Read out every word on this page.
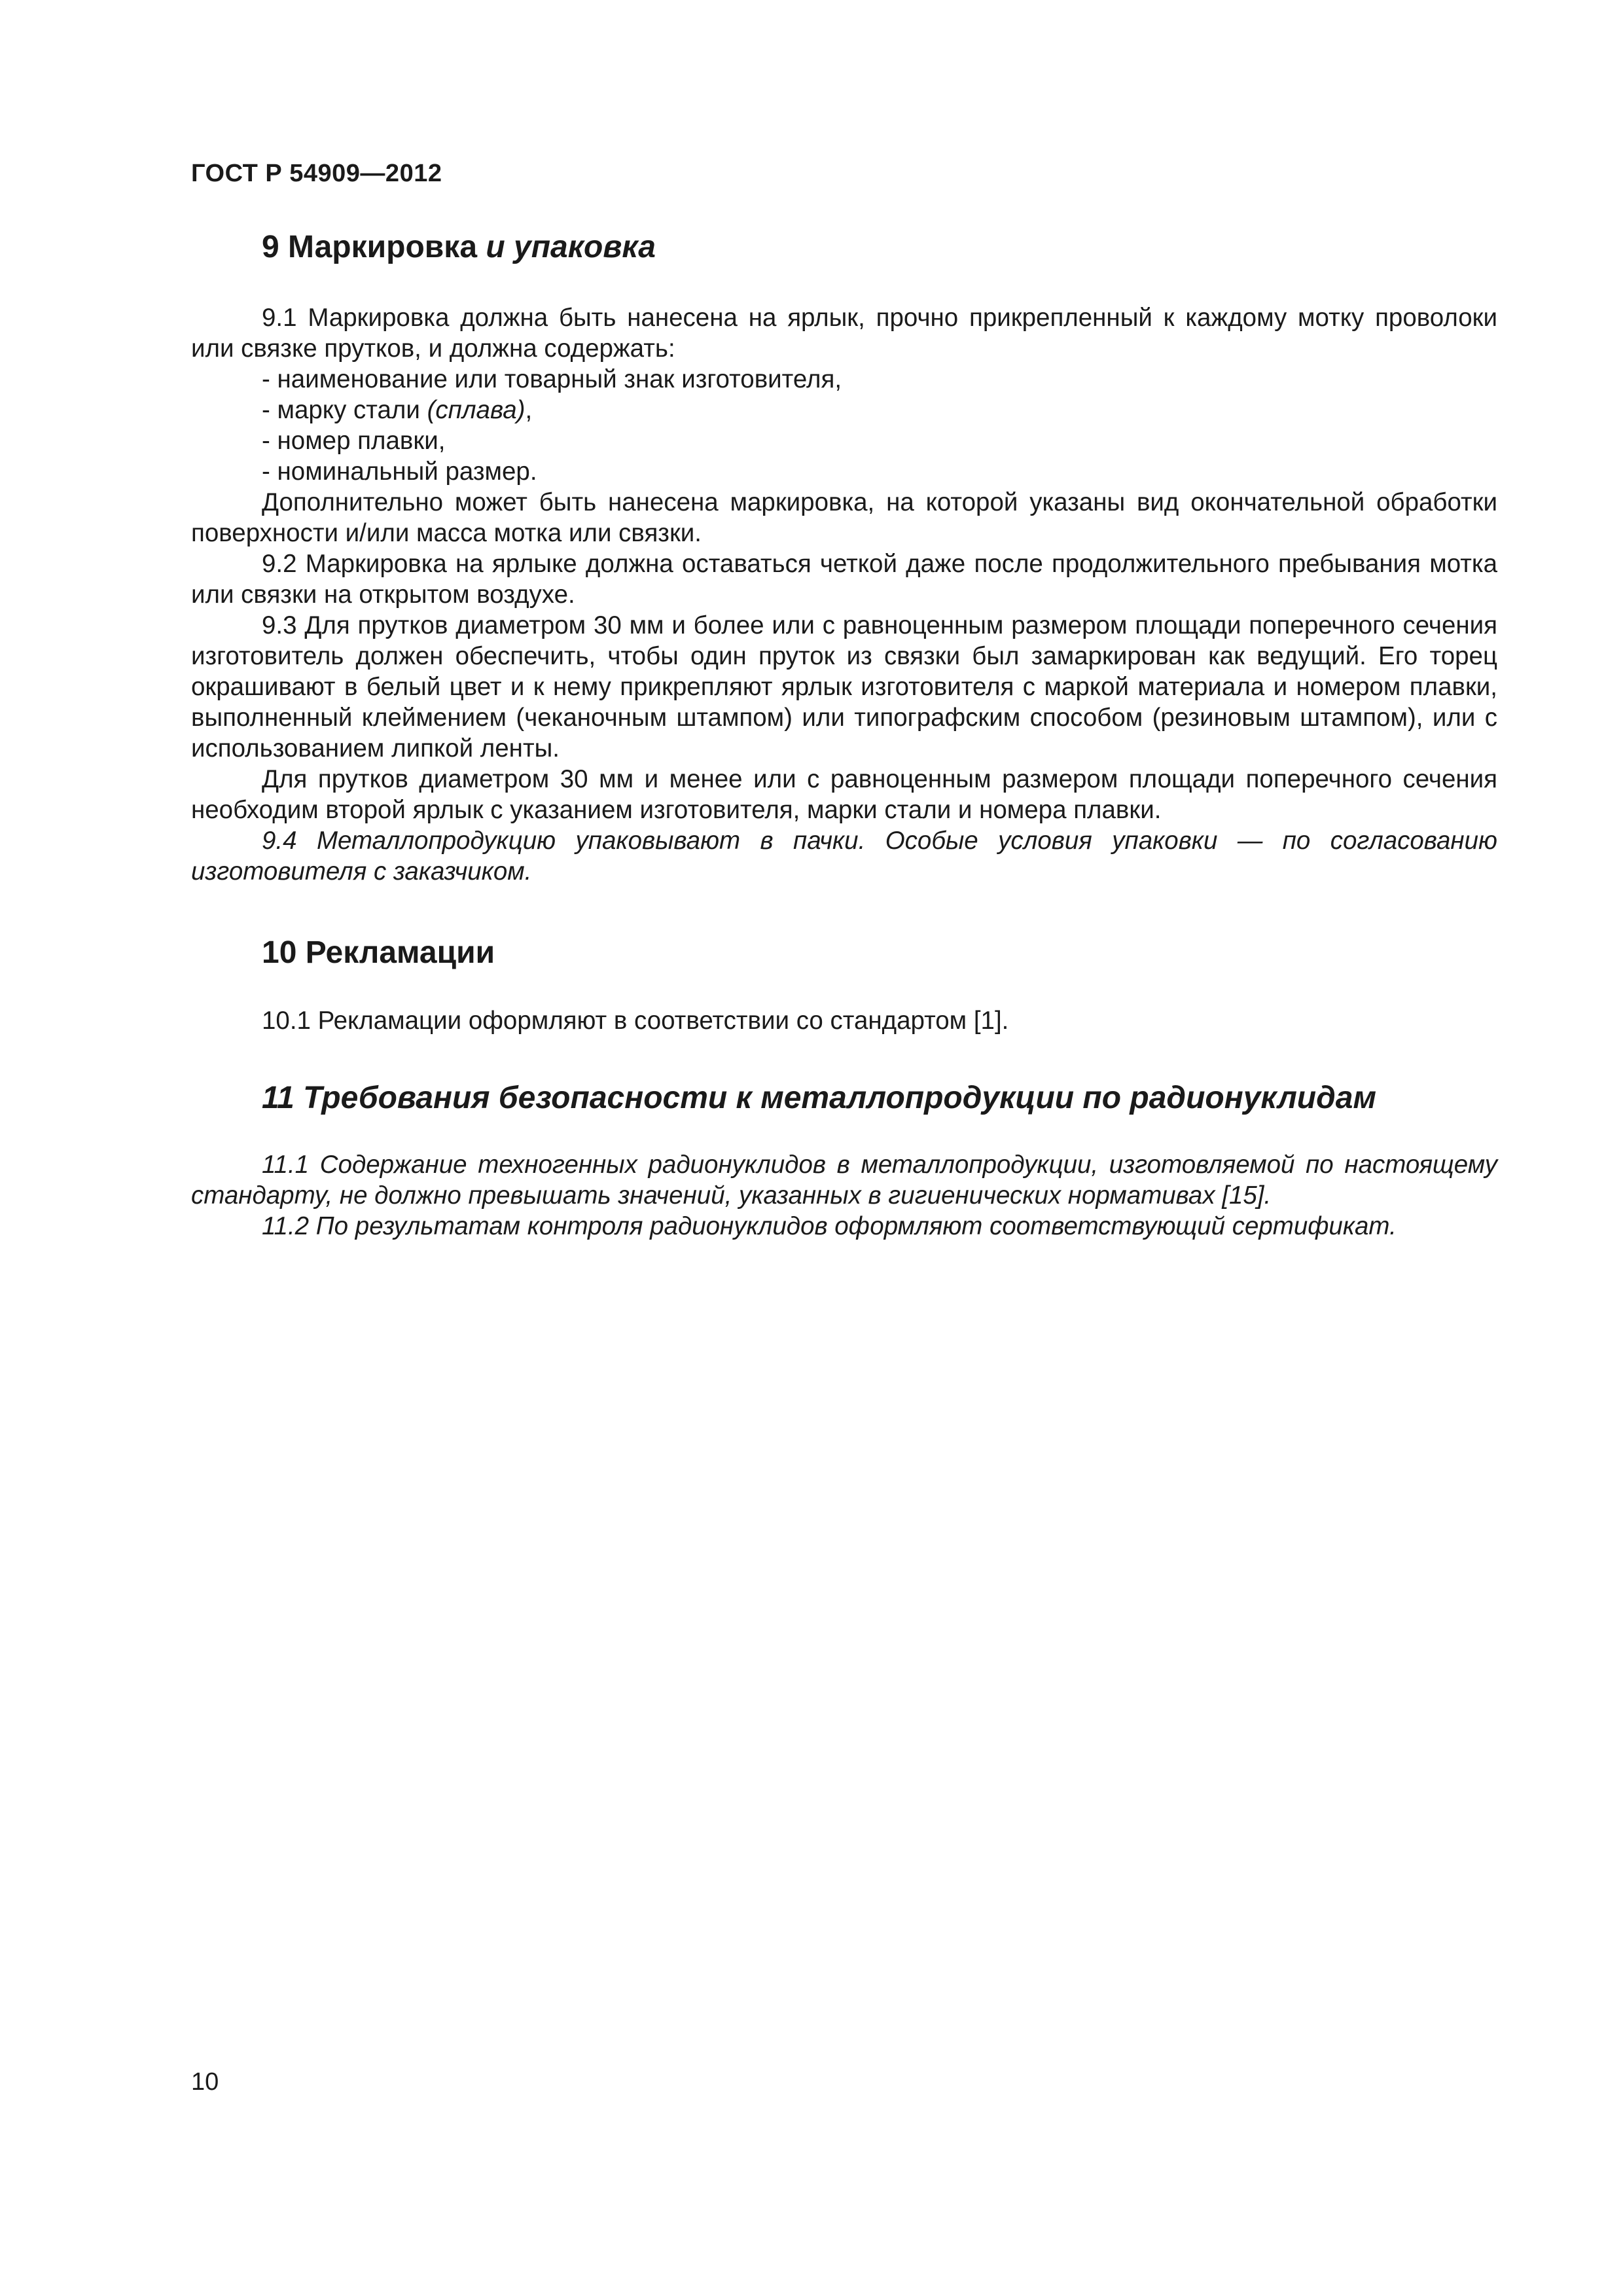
ГОСТ Р 54909—2012
9 Маркировка и упаковка

9.1 Маркировка должна быть нанесена на ярлык, прочно прикрепленный к каждому мотку проволоки или связке прутков, и должна содержать:

- наименование или товарный знак изготовителя,

- марку стали (сплава),

- номер плавки,

- номинальный размер.

Дополнительно может быть нанесена маркировка, на которой указаны вид окончательной обработки поверхности и/или масса мотка или связки.

9.2 Маркировка на ярлыке должна оставаться четкой даже после продолжительного пребывания мотка или связки на открытом воздухе.

9.3 Для прутков диаметром 30 мм и более или с равноценным размером площади поперечного сечения изготовитель должен обеспечить, чтобы один пруток из связки был замаркирован как ведущий. Его торец окрашивают в белый цвет и к нему прикрепляют ярлык изготовителя с маркой материала и номером плавки, выполненный клеймением (чеканочным штампом) или типографским способом (резиновым штампом), или с использованием липкой ленты.

Для прутков диаметром 30 мм и менее или с равноценным размером площади поперечного сечения необходим второй ярлык с указанием изготовителя, марки стали и номера плавки.

9.4 Металлопродукцию упаковывают в пачки. Особые условия упаковки — по согласованию изготовителя с заказчиком.

10 Рекламации

10.1 Рекламации оформляют в соответствии со стандартом [1].

11 Требования безопасности к металлопродукции по радионуклидам

11.1 Содержание техногенных радионуклидов в металлопродукции, изготовляемой по настоящему стандарту, не должно превышать значений, указанных в гигиенических нормативах [15].

11.2 По результатам контроля радионуклидов оформляют соответствующий сертификат.

10
